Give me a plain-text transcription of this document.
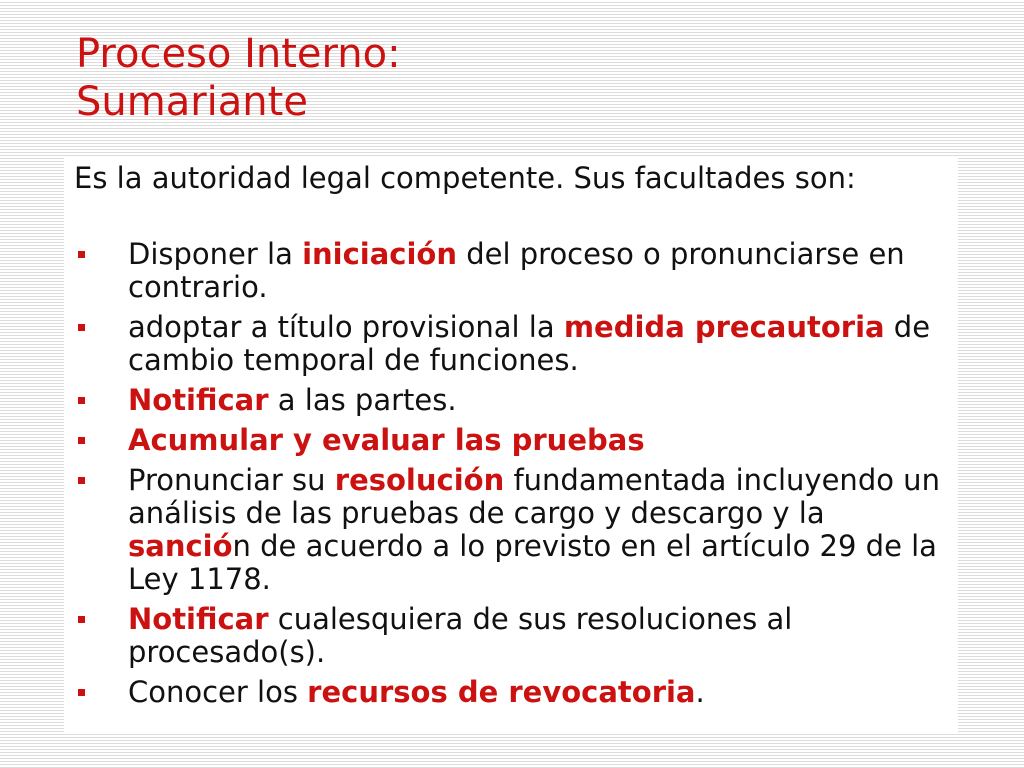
Proceso Interno:
Sumariante

Es la autoridad legal competente. Sus facultades son:

Disponer la iniciación del proceso o pronunciarse en contrario.
adoptar a título provisional la medida precautoria de cambio temporal de funciones.
Notificar a las partes.
Acumular y evaluar las pruebas
Pronunciar su resolución fundamentada incluyendo un análisis de las pruebas de cargo y descargo y la sanción de acuerdo a lo previsto en el artículo 29 de la Ley 1178.
Notificar cualesquiera de sus resoluciones al procesado(s).
Conocer los recursos de revocatoria.
